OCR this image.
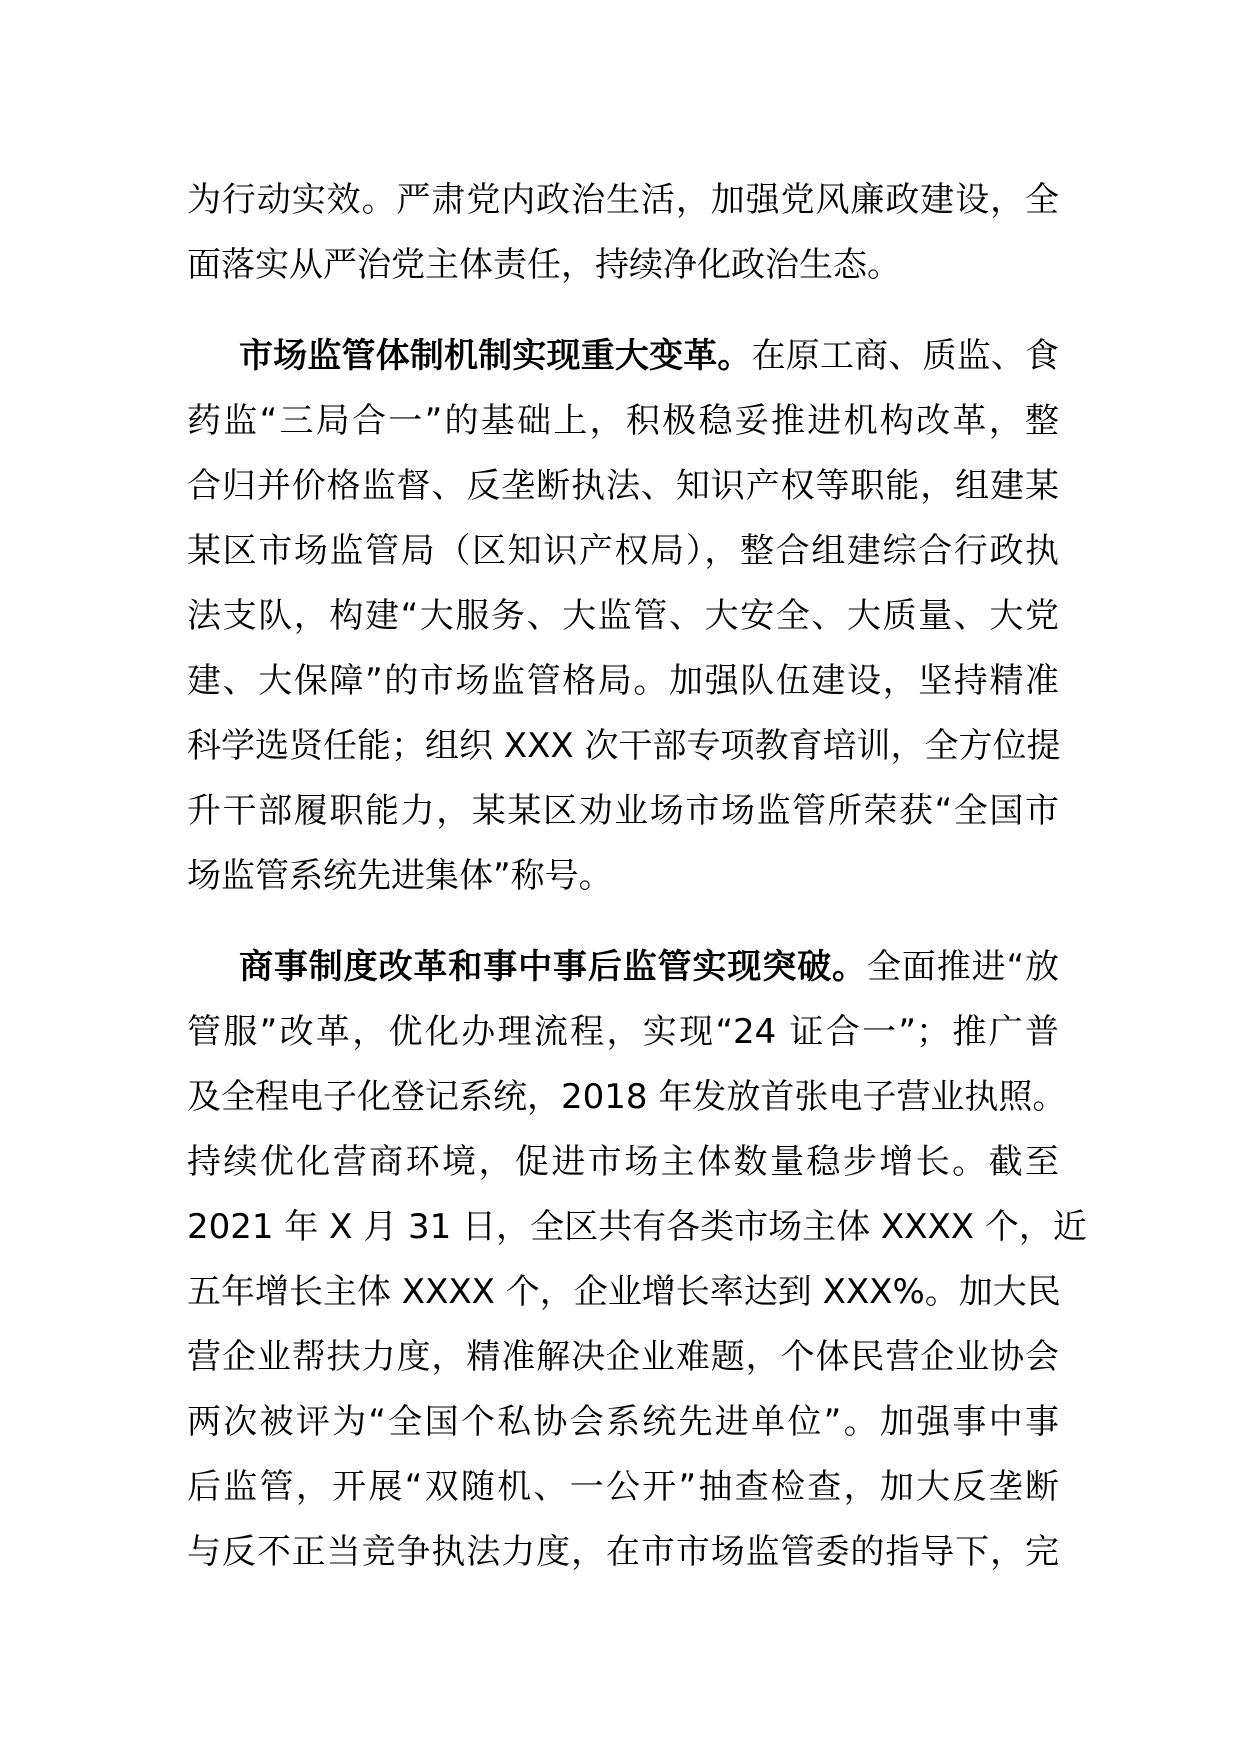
为行动实效。严肃党内政治生活，加强党风廉政建设，全
面落实从严治党主体责任，持续净化政治生态。
市场监管体制机制实现重大变革。在原工商、质监、食
药监“三局合一”的基础上，积极稳妥推进机构改革，整
合归并价格监督、反垄断执法、知识产权等职能，组建某
某区市场监管局（区知识产权局），整合组建综合行政执
法支队，构建“大服务、大监管、大安全、大质量、大党
建、大保障”的市场监管格局。加强队伍建设，坚持精准
科学选贤任能；组织 XXX 次干部专项教育培训，全方位提
升干部履职能力，某某区劝业场市场监管所荣获“全国市
场监管系统先进集体”称号。
商事制度改革和事中事后监管实现突破。全面推进“放
管服”改革，优化办理流程，实现“24 证合一”；推广普
及全程电子化登记系统，2018 年发放首张电子营业执照。
持续优化营商环境，促进市场主体数量稳步增长。截至
2021 年 X 月 31 日，全区共有各类市场主体 XXXX 个，近
五年增长主体 XXXX 个，企业增长率达到 XXX%。加大民
营企业帮扶力度，精准解决企业难题，个体民营企业协会
两次被评为“全国个私协会系统先进单位”。加强事中事
后监管，开展“双随机、一公开”抽查检查，加大反垄断
与反不正当竞争执法力度，在市市场监管委的指导下，完
